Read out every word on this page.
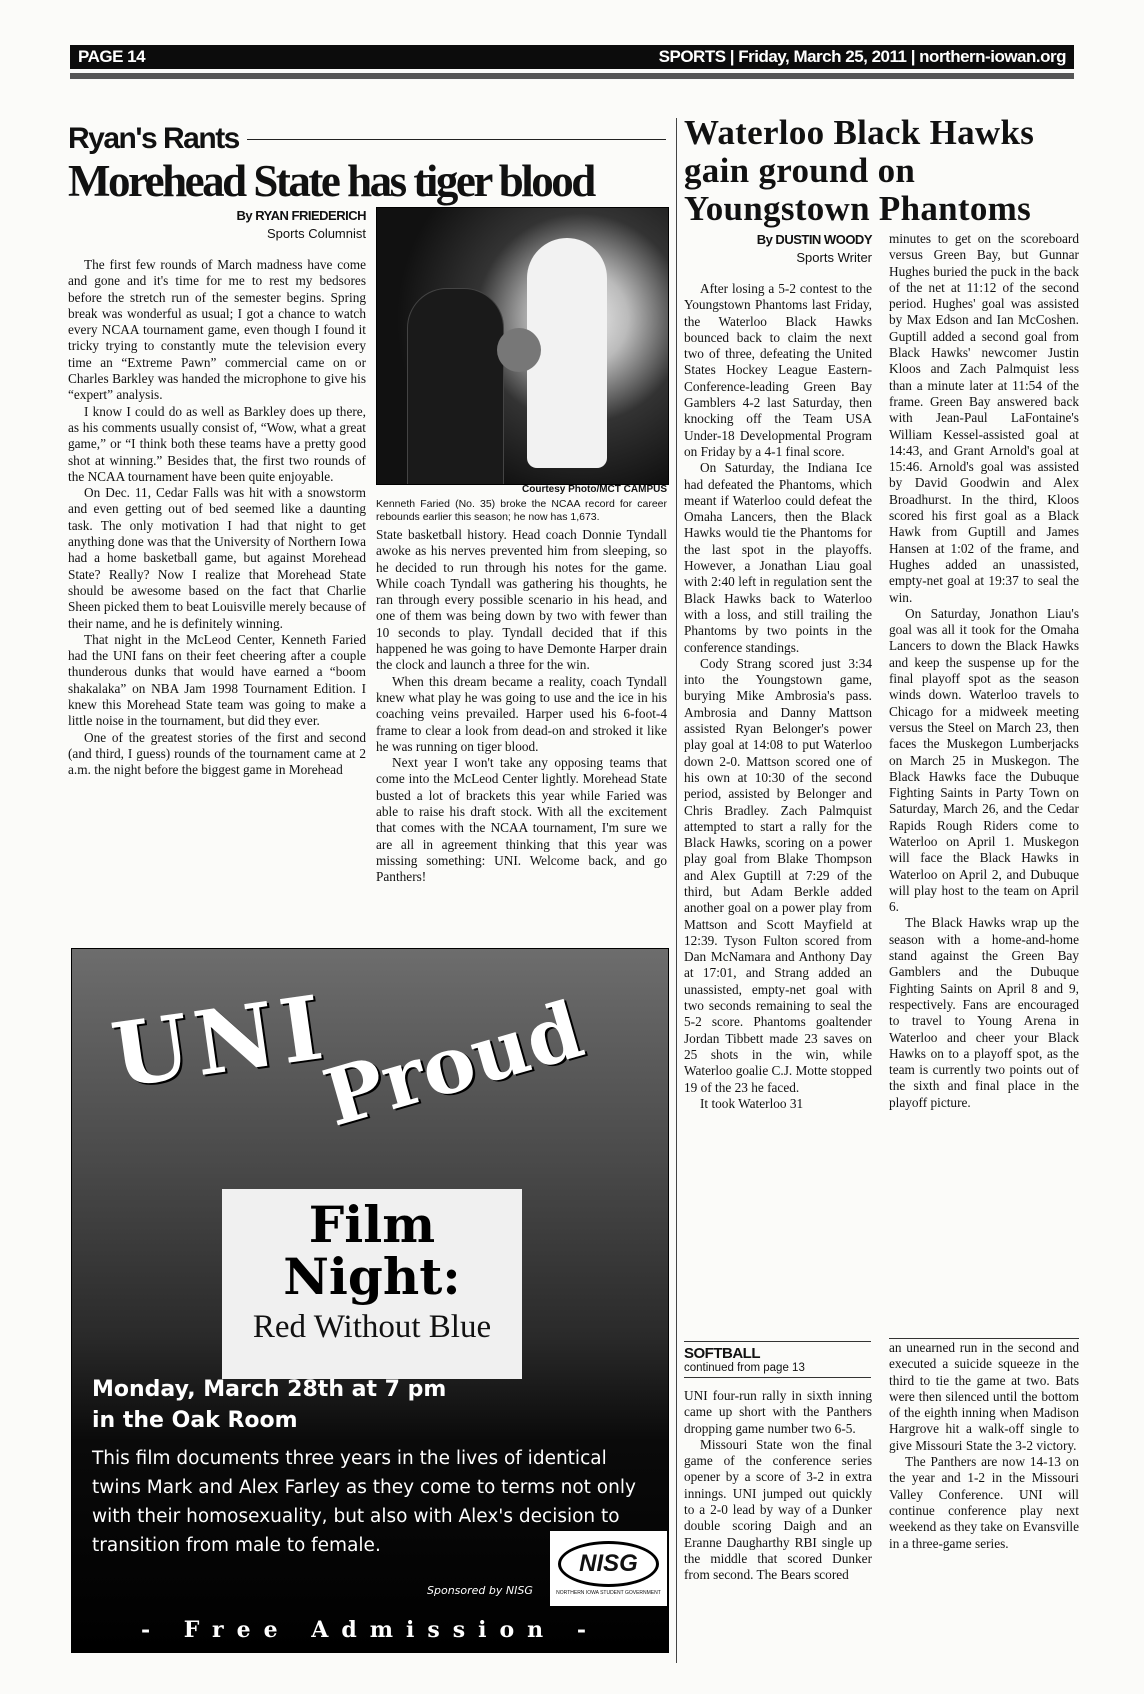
PAGE 14	SPORTS | Friday, March 25, 2011 | northern-iowan.org
Ryan's Rants
Morehead State has tiger blood
By RYAN FRIEDERICH
Sports Columnist

The first few rounds of March madness have come and gone and it's time for me to rest my bedsores before the stretch run of the semester begins. Spring break was wonderful as usual; I got a chance to watch every NCAA tournament game, even though I found it tricky trying to constantly mute the television every time an “Extreme Pawn” commercial came on or Charles Barkley was handed the microphone to give his “expert” analysis.

I know I could do as well as Barkley does up there, as his comments usually consist of, “Wow, what a great game,” or “I think both these teams have a pretty good shot at winning.” Besides that, the first two rounds of the NCAA tournament have been quite enjoyable.

On Dec. 11, Cedar Falls was hit with a snowstorm and even getting out of bed seemed like a daunting task. The only motivation I had that night to get anything done was that the University of Northern Iowa had a home basketball game, but against Morehead State? Really? Now I realize that Morehead State should be awesome based on the fact that Charlie Sheen picked them to beat Louisville merely because of their name, and he is definitely winning.

That night in the McLeod Center, Kenneth Faried had the UNI fans on their feet cheering after a couple thunderous dunks that would have earned a “boom shakalaka” on NBA Jam 1998 Tournament Edition. I knew this Morehead State team was going to make a little noise in the tournament, but did they ever.

One of the greatest stories of the first and second (and third, I guess) rounds of the tournament came at 2 a.m. the night before the biggest game in Morehead

Courtesy Photo/MCT CAMPUS
Kenneth Faried (No. 35) broke the NCAA record for career rebounds earlier this season; he now has 1,673.

State basketball history. Head coach Donnie Tyndall awoke as his nerves prevented him from sleeping, so he decided to run through his notes for the game. While coach Tyndall was gathering his thoughts, he ran through every possible scenario in his head, and one of them was being down by two with fewer than 10 seconds to play. Tyndall decided that if this happened he was going to have Demonte Harper drain the clock and launch a three for the win.

When this dream became a reality, coach Tyndall knew what play he was going to use and the ice in his coaching veins prevailed. Harper used his 6-foot-4 frame to clear a look from dead-on and stroked it like he was running on tiger blood.

Next year I won't take any opposing teams that come into the McLeod Center lightly. Morehead State busted a lot of brackets this year while Faried was able to raise his draft stock. With all the excitement that comes with the NCAA tournament, I'm sure we are all in agreement thinking that this year was missing something: UNI. Welcome back, and go Panthers!

UNI
Proud
Film Night:
Red Without Blue
Monday, March 28th at 7 pm
in the Oak Room
This film documents three years in the lives of identical twins Mark and Alex Farley as they come to terms not only with their homosexuality, but also with Alex's decision to transition from male to female.
Sponsored by NISG
NISG
NORTHERN IOWA STUDENT GOVERNMENT
- Free Admission -
Waterloo Black Hawks gain ground on Youngstown Phantoms
By DUSTIN WOODY
Sports Writer

After losing a 5-2 contest to the Youngstown Phantoms last Friday, the Waterloo Black Hawks bounced back to claim the next two of three, defeating the United States Hockey League Eastern-Conference-leading Green Bay Gamblers 4-2 last Saturday, then knocking off the Team USA Under-18 Developmental Program on Friday by a 4-1 final score.

On Saturday, the Indiana Ice had defeated the Phantoms, which meant if Waterloo could defeat the Omaha Lancers, then the Black Hawks would tie the Phantoms for the last spot in the playoffs. However, a Jonathan Liau goal with 2:40 left in regulation sent the Black Hawks back to Waterloo with a loss, and still trailing the Phantoms by two points in the conference standings.

Cody Strang scored just 3:34 into the Youngstown game, burying Mike Ambrosia's pass. Ambrosia and Danny Mattson assisted Ryan Belonger's power play goal at 14:08 to put Waterloo down 2-0. Mattson scored one of his own at 10:30 of the second period, assisted by Belonger and Chris Bradley. Zach Palmquist attempted to start a rally for the Black Hawks, scoring on a power play goal from Blake Thompson and Alex Guptill at 7:29 of the third, but Adam Berkle added another goal on a power play from Mattson and Scott Mayfield at 12:39. Tyson Fulton scored from Dan McNamara and Anthony Day at 17:01, and Strang added an unassisted, empty-net goal with two seconds remaining to seal the 5-2 score. Phantoms goaltender Jordan Tibbett made 23 saves on 25 shots in the win, while Waterloo goalie C.J. Motte stopped 19 of the 23 he faced.

It took Waterloo 31

minutes to get on the scoreboard versus Green Bay, but Gunnar Hughes buried the puck in the back of the net at 11:12 of the second period. Hughes' goal was assisted by Max Edson and Ian McCoshen. Guptill added a second goal from Black Hawks' newcomer Justin Kloos and Zach Palmquist less than a minute later at 11:54 of the frame. Green Bay answered back with Jean-Paul LaFontaine's William Kessel-assisted goal at 14:43, and Grant Arnold's goal at 15:46. Arnold's goal was assisted by David Goodwin and Alex Broadhurst. In the third, Kloos scored his first goal as a Black Hawk from Guptill and James Hansen at 1:02 of the frame, and Hughes added an unassisted, empty-net goal at 19:37 to seal the win.

On Saturday, Jonathon Liau's goal was all it took for the Omaha Lancers to down the Black Hawks and keep the suspense up for the final playoff spot as the season winds down. Waterloo travels to Chicago for a midweek meeting versus the Steel on March 23, then faces the Muskegon Lumberjacks on March 25 in Muskegon. The Black Hawks face the Dubuque Fighting Saints in Party Town on Saturday, March 26, and the Cedar Rapids Rough Riders come to Waterloo on April 1. Muskegon will face the Black Hawks in Waterloo on April 2, and Dubuque will play host to the team on April 6.

The Black Hawks wrap up the season with a home-and-home stand against the Green Bay Gamblers and the Dubuque Fighting Saints on April 8 and 9, respectively. Fans are encouraged to travel to Young Arena in Waterloo and cheer your Black Hawks on to a playoff spot, as the team is currently two points out of the sixth and final place in the playoff picture.

SOFTBALL
continued from page 13

UNI four-run rally in sixth inning came up short with the Panthers dropping game number two 6-5.

Missouri State won the final game of the conference series opener by a score of 3-2 in extra innings. UNI jumped out quickly to a 2-0 lead by way of a Dunker double scoring Daigh and an Eranne Daugharthy RBI single up the middle that scored Dunker from second. The Bears scored

an unearned run in the second and executed a suicide squeeze in the third to tie the game at two. Bats were then silenced until the bottom of the eighth inning when Madison Hargrove hit a walk-off single to give Missouri State the 3-2 victory.

The Panthers are now 14-13 on the year and 1-2 in the Missouri Valley Conference. UNI will continue conference play next weekend as they take on Evansville in a three-game series.
